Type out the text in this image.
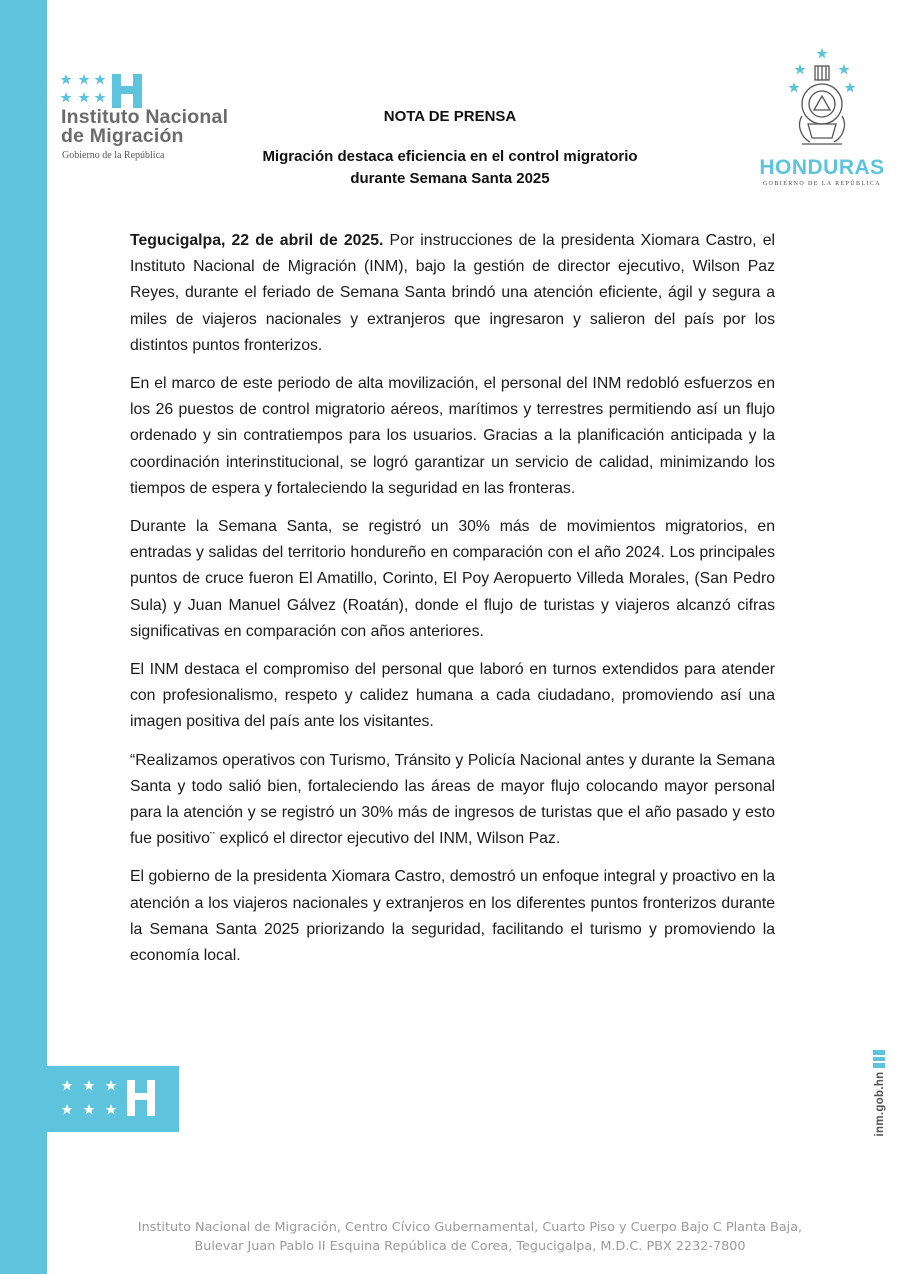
Instituto Nacional
de Migración
Gobierno de la República
NOTA DE PRENSA
Migración destaca eficiencia en el control migratorio
durante Semana Santa 2025	HONDURAS
GOBIERNO DE LA REPÚBLICA

Tegucigalpa, 22 de abril de 2025. Por instrucciones de la presidenta Xiomara Castro, el Instituto Nacional de Migración (INM), bajo la gestión de director ejecutivo, Wilson Paz Reyes, durante el feriado de Semana Santa brindó una atención eficiente, ágil y segura a miles de viajeros nacionales y extranjeros que ingresaron y salieron del país por los distintos puntos fronterizos.

En el marco de este periodo de alta movilización, el personal del INM redobló esfuerzos en los 26 puestos de control migratorio aéreos, marítimos y terrestres permitiendo así un flujo ordenado y sin contratiempos para los usuarios. Gracias a la planificación anticipada y la coordinación interinstitucional, se logró garantizar un servicio de calidad, minimizando los tiempos de espera y fortaleciendo la seguridad en las fronteras.

Durante la Semana Santa, se registró un 30% más de movimientos migratorios, en entradas y salidas del territorio hondureño en comparación con el año 2024. Los principales puntos de cruce fueron El Amatillo, Corinto, El Poy Aeropuerto Villeda Morales, (San Pedro Sula) y Juan Manuel Gálvez (Roatán), donde el flujo de turistas y viajeros alcanzó cifras significativas en comparación con años anteriores.

El INM destaca el compromiso del personal que laboró en turnos extendidos para atender con profesionalismo, respeto y calidez humana a cada ciudadano, promoviendo así una imagen positiva del país ante los visitantes.

“Realizamos operativos con Turismo, Tránsito y Policía Nacional antes y durante la Semana Santa y todo salió bien, fortaleciendo las áreas de mayor flujo colocando mayor personal para la atención y se registró un 30% más de ingresos de turistas que el año pasado y esto fue positivo¨ explicó el director ejecutivo del INM, Wilson Paz.

El gobierno de la presidenta Xiomara Castro, demostró un enfoque integral y proactivo en la atención a los viajeros nacionales y extranjeros en los diferentes puntos fronterizos durante la Semana Santa 2025 priorizando la seguridad, facilitando el turismo y promoviendo la economía local.

inm.gob.hn
Instituto Nacional de Migración, Centro Cívico Gubernamental, Cuarto Piso y Cuerpo Bajo C Planta Baja,
Bulevar Juan Pablo II Esquina República de Corea, Tegucigalpa, M.D.C. PBX 2232-7800
